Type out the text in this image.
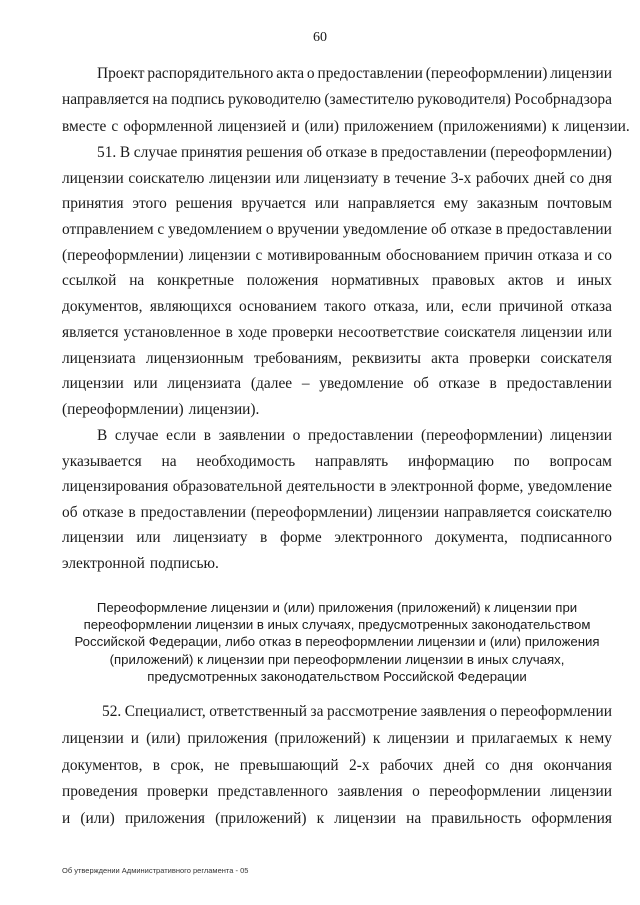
60
Проект распорядительного акта о предоставлении (переоформлении) лицензии
направляется на подпись руководителю (заместителю руководителя) Рособрнадзора
вместе с оформленной лицензией и (или) приложением (приложениями) к лицензии.
51. В случае принятия решения об отказе в предоставлении (переоформлении)
лицензии соискателю лицензии или лицензиату в течение 3-х рабочих дней со дня
принятия этого решения вручается или направляется ему заказным почтовым
отправлением с уведомлением о вручении уведомление об отказе в предоставлении
(переоформлении) лицензии с мотивированным обоснованием причин отказа и со
ссылкой на конкретные положения нормативных правовых актов и иных
документов, являющихся основанием такого отказа, или, если причиной отказа
является установленное в ходе проверки несоответствие соискателя лицензии или
лицензиата лицензионным требованиям, реквизиты акта проверки соискателя
лицензии или лицензиата (далее – уведомление об отказе в предоставлении
(переоформлении) лицензии).
В случае если в заявлении о предоставлении (переоформлении) лицензии
указывается на необходимость направлять информацию по вопросам
лицензирования образовательной деятельности в электронной форме, уведомление
об отказе в предоставлении (переоформлении) лицензии направляется соискателю
лицензии или лицензиату в форме электронного документа, подписанного
электронной подписью.
Переоформление лицензии и (или) приложения (приложений) к лицензии при
переоформлении лицензии в иных случаях, предусмотренных законодательством
Российской Федерации, либо отказ в переоформлении лицензии и (или) приложения
(приложений) к лицензии при переоформлении лицензии в иных случаях,
предусмотренных законодательством Российской Федерации
52. Специалист, ответственный за рассмотрение заявления о переоформлении
лицензии и (или) приложения (приложений) к лицензии и прилагаемых к нему
документов, в срок, не превышающий 2-х рабочих дней со дня окончания
проведения проверки представленного заявления о переоформлении лицензии
и (или) приложения (приложений) к лицензии на правильность оформления
Об утверждении Административного регламента - 05
